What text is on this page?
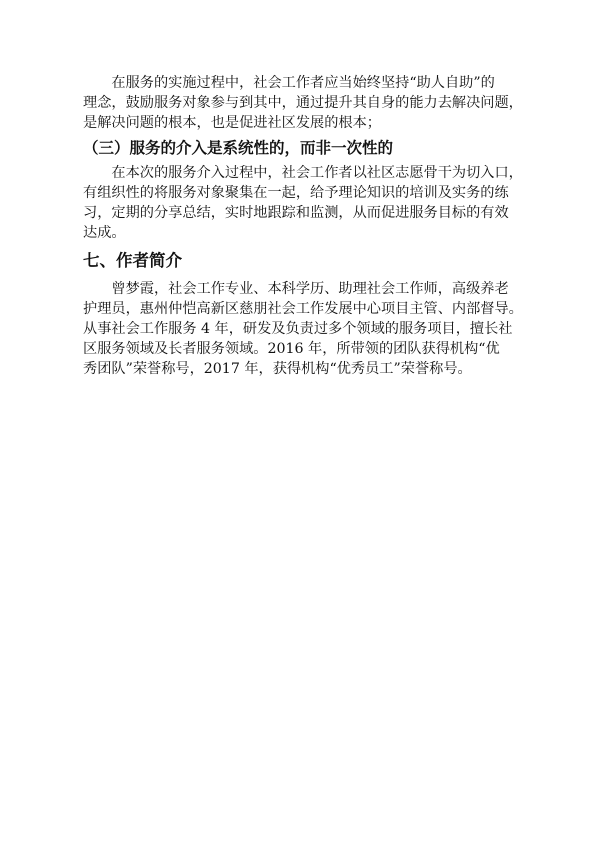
在服务的实施过程中，社会工作者应当始终坚持“助人自助”的
理念，鼓励服务对象参与到其中，通过提升其自身的能力去解决问题，
是解决问题的根本，也是促进社区发展的根本；
（三）服务的介入是系统性的，而非一次性的
在本次的服务介入过程中，社会工作者以社区志愿骨干为切入口，
有组织性的将服务对象聚集在一起，给予理论知识的培训及实务的练
习，定期的分享总结，实时地跟踪和监测，从而促进服务目标的有效
达成。
七、作者简介
曾梦霞，社会工作专业、本科学历、助理社会工作师，高级养老
护理员，惠州仲恺高新区慈朋社会工作发展中心项目主管、内部督导。
从事社会工作服务 4 年，研发及负责过多个领域的服务项目，擅长社
区服务领域及长者服务领域。2016 年，所带领的团队获得机构“优
秀团队”荣誉称号，2017 年，获得机构“优秀员工”荣誉称号。
